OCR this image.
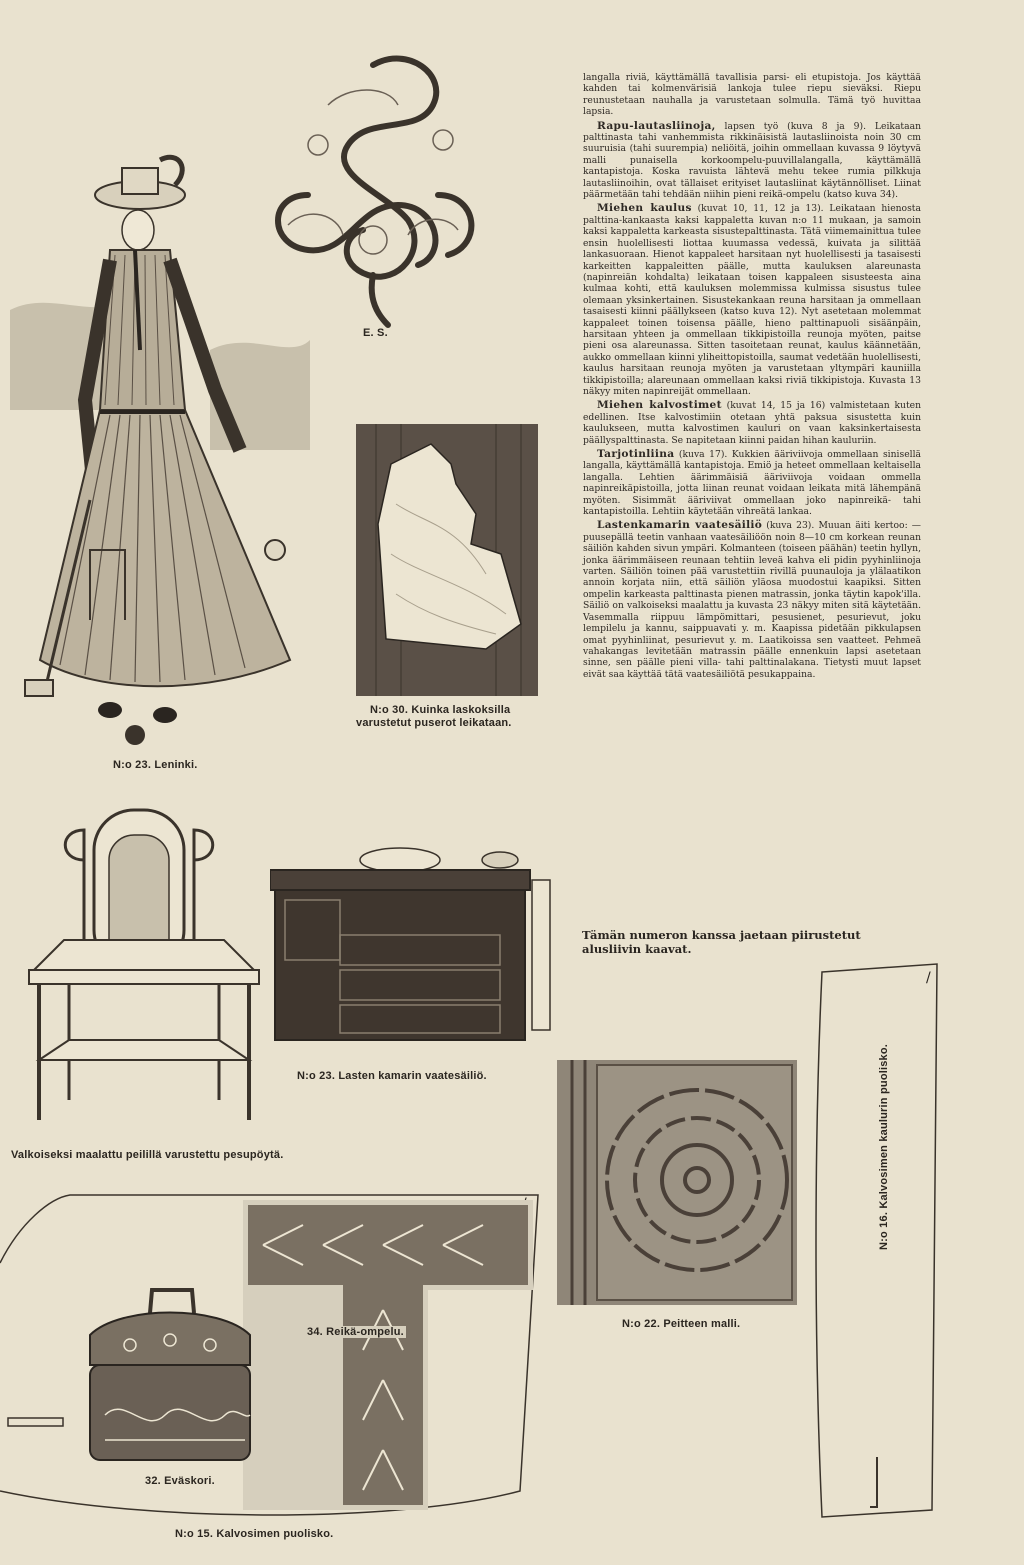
E. S.
N:o 23. Leninki.
N:o 30. Kuinka laskoksilla
varustetut puserot leikataan.
Valkoiseksi maalattu peilillä varustettu pesupöytä.
N:o 23. Lasten kamarin vaatesäiliö.
N:o 22. Peitteen malli.
/
N:o 16. Kalvosimen kaulurin puolisko.
34. Reikä-ompelu.
32. Eväskori.
N:o 15. Kalvosimen puolisko.

langalla riviä, käyttämällä tavallisia parsi- eli etupistoja. Jos käyttää kahden tai kolmenvärisiä lankoja tulee riepu sieväksi. Riepu reunustetaan nauhalla ja varustetaan solmulla. Tämä työ huvittaa lapsia.

Rapu-lautasliinoja, lapsen työ (kuva 8 ja 9). Leikataan palttinasta tahi vanhemmista rikkinäisistä lautasliinoista noin 30 cm suuruisia (tahi suurempia) neliöitä, joihin ommellaan kuvassa 9 löytyvä malli punaisella korkoompelu-puuvillalangalla, käyttämällä kantapistoja. Koska ravuista lähtevä mehu tekee rumia pilkkuja lautasliinoihin, ovat tällaiset erityiset lautasliinat käytännölliset. Liinat päärmetään tahi tehdään niihin pieni reikä-ompelu (katso kuva 34).

Miehen kaulus (kuvat 10, 11, 12 ja 13). Leikataan hienosta palttina-kankaasta kaksi kappaletta kuvan n:o 11 mukaan, ja samoin kaksi kappaletta karkeasta sisustepalttinasta. Tätä viimemainittua tulee ensin huolellisesti liottaa kuumassa vedessä, kuivata ja silittää lankasuoraan. Hienot kappaleet harsitaan nyt huolellisesti ja tasaisesti karkeitten kappaleitten päälle, mutta kauluksen alareunasta (napinreiän kohdalta) leikataan toisen kappaleen sisusteesta aina kulmaa kohti, että kauluksen molemmissa kulmissa sisustus tulee olemaan yksinkertainen. Sisustekankaan reuna harsitaan ja ommellaan tasaisesti kiinni päällykseen (katso kuva 12). Nyt asetetaan molemmat kappaleet toinen toisensa päälle, hieno palttinapuoli sisäänpäin, harsitaan yhteen ja ommellaan tikkipistoilla reunoja myöten, paitse pieni osa alareunassa. Sitten tasoitetaan reunat, kaulus käännetään, aukko ommellaan kiinni yliheittopistoilla, saumat vedetään huolellisesti, kaulus harsitaan reunoja myöten ja varustetaan yltympäri kauniilla tikkipistoilla; alareunaan ommellaan kaksi riviä tikkipistoja. Kuvasta 13 näkyy miten napinreijät ommellaan.

Miehen kalvostimet (kuvat 14, 15 ja 16) valmistetaan kuten edellinen. Itse kalvostimiin otetaan yhtä paksua sisustetta kuin kaulukseen, mutta kalvostimen kauluri on vaan kaksinkertaisesta päällyspalttinasta. Se napitetaan kiinni paidan hihan kauluriin.

Tarjotinliina (kuva 17). Kukkien ääriviivoja ommellaan sinisellä langalla, käyttämällä kantapistoja. Emiö ja heteet ommellaan keltaisella langalla. Lehtien äärimmäisiä ääriviivoja voidaan ommella napinreikäpistoilla, jotta liinan reunat voidaan leikata mitä lähempänä myöten. Sisimmät ääriviivat ommellaan joko napinreikä- tahi kantapistoilla. Lehtiin käytetään vihreätä lankaa.

Lastenkamarin vaatesäiliö (kuva 23). Muuan äiti kertoo: — puusepällä teetin vanhaan vaatesäiliöön noin 8—10 cm korkean reunan säiliön kahden sivun ympäri. Kolmanteen (toiseen päähän) teetin hyllyn, jonka äärimmäiseen reunaan tehtiin leveä kahva eli pidin pyyhinliinoja varten. Säiliön toinen pää varustettiin rivillä puunauloja ja ylälaatikon annoin korjata niin, että säiliön yläosa muodostui kaapiksi. Sitten ompelin karkeasta palttinasta pienen matrassin, jonka täytin kapok'illa. Säiliö on valkoiseksi maalattu ja kuvasta 23 näkyy miten sitä käytetään. Vasemmalla riippuu lämpömittari, pesusienet, pesurievut, joku lempilelu ja kannu, saippuavati y. m. Kaapissa pidetään pikkulapsen omat pyyhinliinat, pesurievut y. m. Laatikoissa sen vaatteet. Pehmeä vahakangas levitetään matrassin päälle ennenkuin lapsi asetetaan sinne, sen päälle pieni villa- tahi palttinalakana. Tietysti muut lapset eivät saa käyttää tätä vaatesäiliötä pesukappaina.

Tämän numeron kanssa jaetaan piirustetut alusliivin kaavat.
